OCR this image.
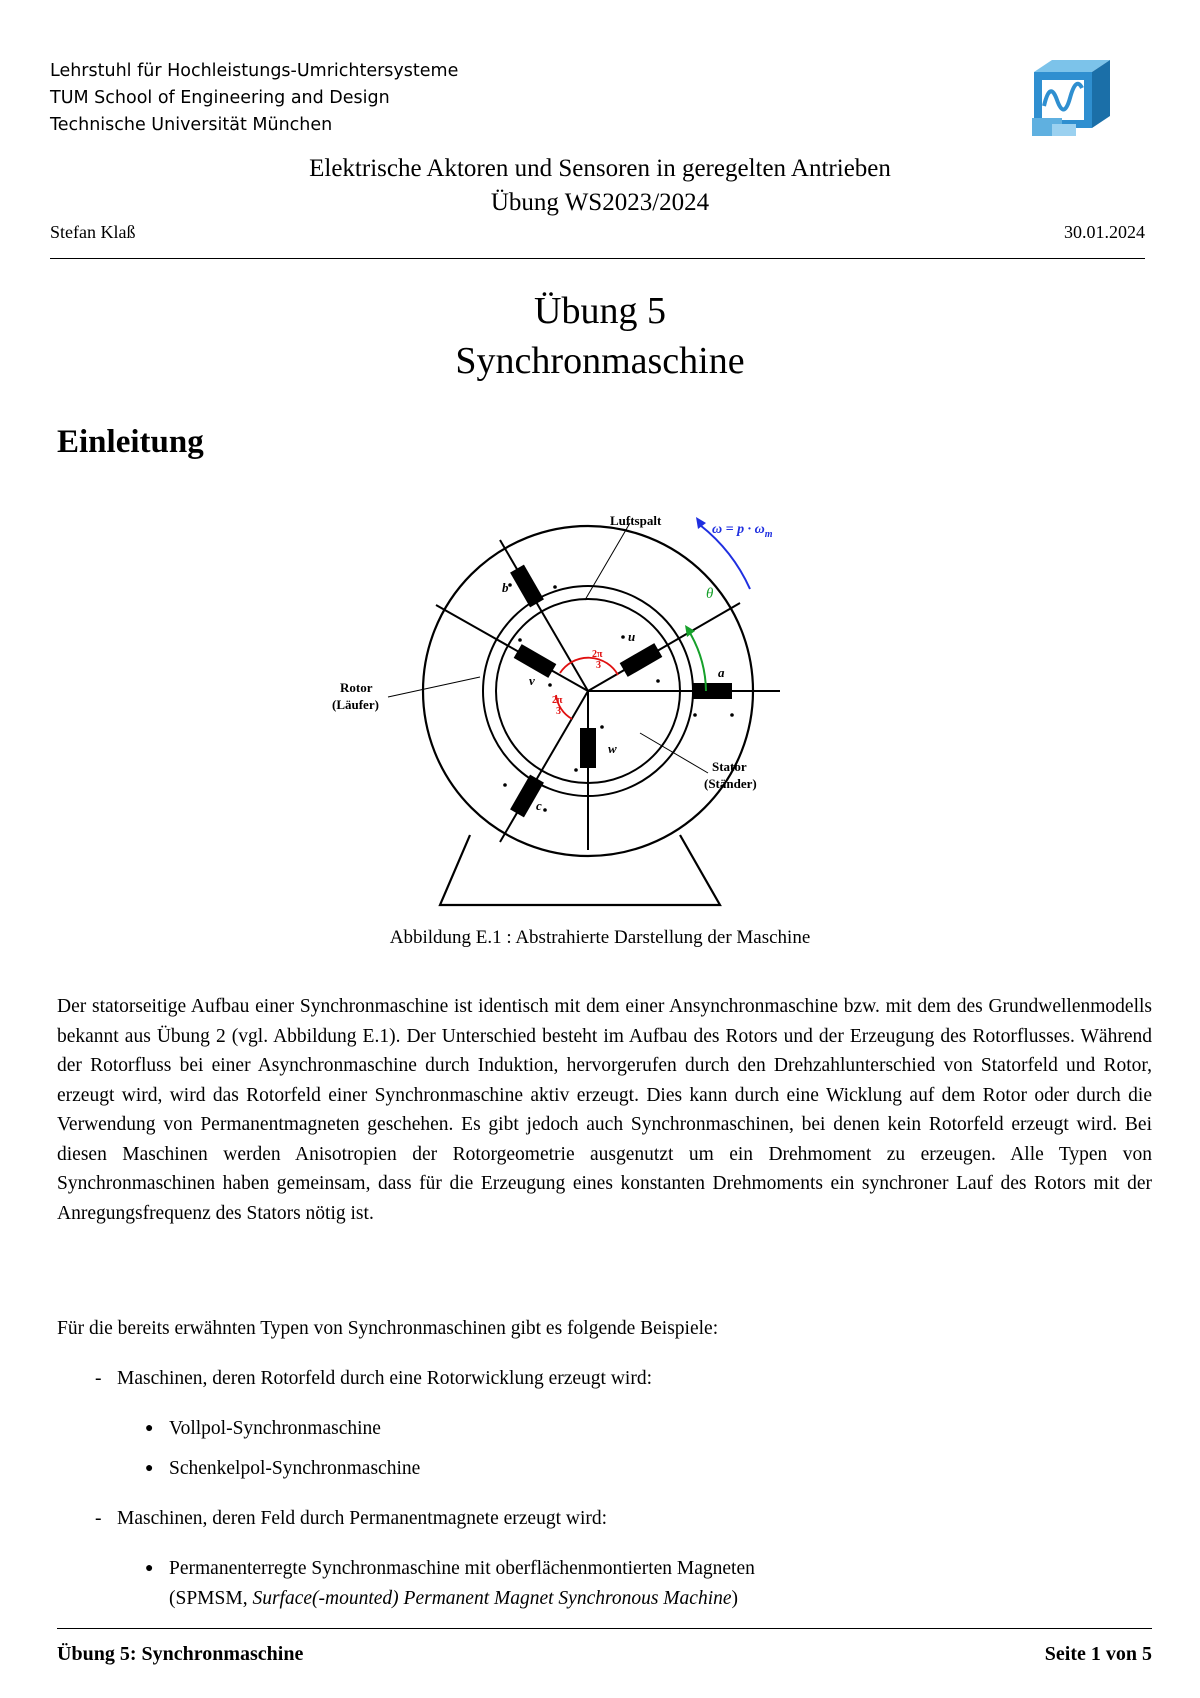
Lehrstuhl für Hochleistungs-Umrichtersysteme
TUM School of Engineering and Design
Technische Universität München
Elektrische Aktoren und Sensoren in geregelten Antrieben
Übung WS2023/2024
Stefan Klaß	30.01.2024
Übung 5
Synchronmaschine
Einleitung
Luftspalt
$\omega = p \cdot \omega_m$
θ
Rotor
(Läufer)
Stator
(Ständer)
a
b
c
u
v
w
2π
3
2π
3
Abbildung E.1 : Abstrahierte Darstellung der Maschine
Der statorseitige Aufbau einer Synchronmaschine ist identisch mit dem einer Ansynchronmaschine bzw. mit dem des Grundwellenmodells bekannt aus Übung 2 (vgl. Abbildung E.1). Der Unterschied besteht im Aufbau des Rotors und der Erzeugung des Rotorflusses. Während der Rotorfluss bei einer Asynchronmaschine durch Induktion, hervorgerufen durch den Drehzahlunterschied von Statorfeld und Rotor, erzeugt wird, wird das Rotorfeld einer Synchronmaschine aktiv erzeugt. Dies kann durch eine Wicklung auf dem Rotor oder durch die Verwendung von Permanentmagneten geschehen. Es gibt jedoch auch Synchronmaschinen, bei denen kein Rotorfeld erzeugt wird. Bei diesen Maschinen werden Anisotropien der Rotorgeometrie ausgenutzt um ein Drehmoment zu erzeugen. Alle Typen von Synchronmaschinen haben gemeinsam, dass für die Erzeugung eines konstanten Drehmoments ein synchroner Lauf des Rotors mit der Anregungsfrequenz des Stators nötig ist.
Für die bereits erwähnten Typen von Synchronmaschinen gibt es folgende Beispiele:
- Maschinen, deren Rotorfeld durch eine Rotorwicklung erzeugt wird:
● Vollpol-Synchronmaschine
● Schenkelpol-Synchronmaschine
- Maschinen, deren Feld durch Permanentmagnete erzeugt wird:
● Permanenterregte Synchronmaschine mit oberflächenmontierten Magneten
(SPMSM, Surface(-mounted) Permanent Magnet Synchronous Machine)
Übung 5: Synchronmaschine	Seite 1 von 5
